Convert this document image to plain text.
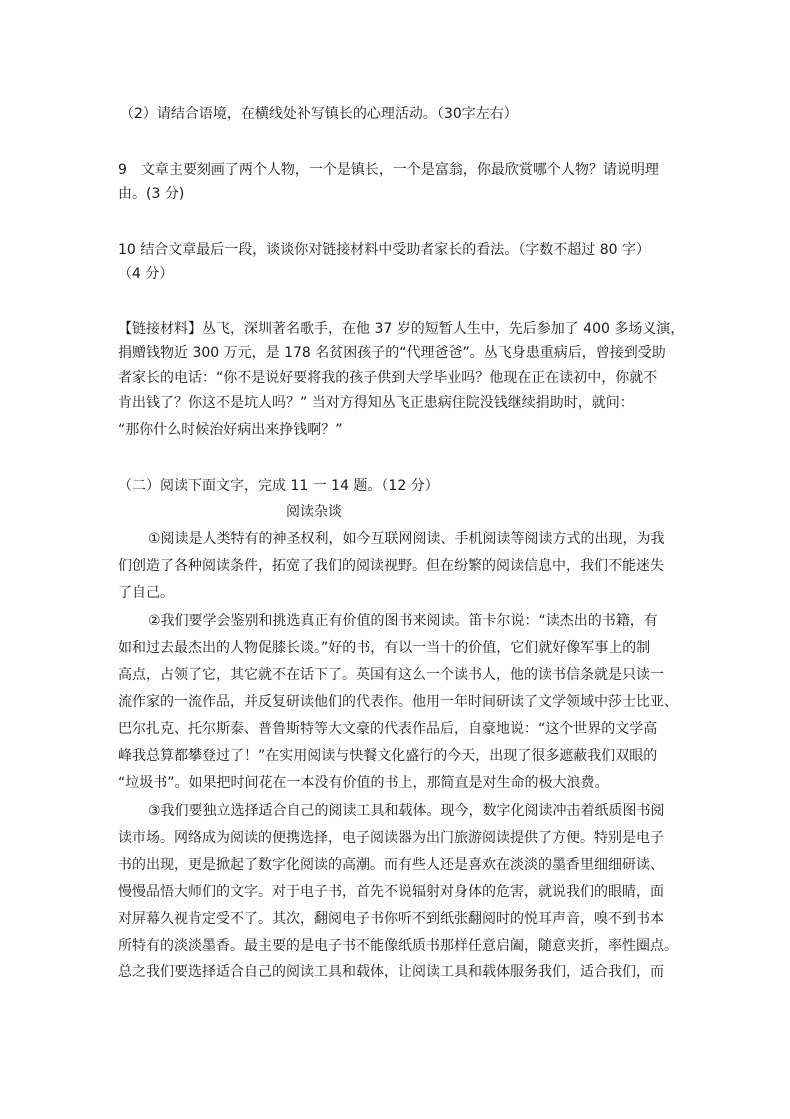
（2）请结合语境，在横线处补写镇长的心理活动。（30字左右）
9　文章主要刻画了两个人物，一个是镇长，一个是富翁，你最欣赏哪个人物？请说明理
由。(3 分)
10 结合文章最后一段，谈谈你对链接材料中受助者家长的看法。（字数不超过 80 字）
（4 分）
【链接材料】丛飞，深圳著名歌手，在他 37 岁的短暂人生中，先后参加了 400 多场义演，
捐赠钱物近 300 万元，是 178 名贫困孩子的“代理爸爸”。丛飞身患重病后，曾接到受助
者家长的电话：“你不是说好要将我的孩子供到大学毕业吗？他现在正在读初中，你就不
肯出钱了？你这不是坑人吗？” 当对方得知丛飞正患病住院没钱继续捐助时，就问：
“那你什么时候治好病出来挣钱啊？”
（二）阅读下面文字，完成 11 一 14 题。（12 分）
阅读杂谈
①阅读是人类特有的神圣权利，如今互联网阅读、手机阅读等阅读方式的出现，为我
们创造了各种阅读条件，拓宽了我们的阅读视野。但在纷繁的阅读信息中，我们不能迷失
了自己。
②我们要学会鉴别和挑选真正有价值的图书来阅读。笛卡尔说：“读杰出的书籍，有
如和过去最杰出的人物促膝长谈。”好的书，有以一当十的价值，它们就好像军事上的制
高点，占领了它，其它就不在话下了。英国有这么一个读书人，他的读书信条就是只读一
流作家的一流作品，并反复研读他们的代表作。他用一年时间研读了文学领域中莎士比亚、
巴尔扎克、托尔斯泰、普鲁斯特等大文豪的代表作品后，自豪地说：“这个世界的文学高
峰我总算都攀登过了！”在实用阅读与快餐文化盛行的今天，出现了很多遮蔽我们双眼的
“垃圾书”。如果把时间花在一本没有价值的书上，那简直是对生命的极大浪费。
③我们要独立选择适合自己的阅读工具和载体。现今，数字化阅读冲击着纸质图书阅
读市场。网络成为阅读的便携选择，电子阅读器为出门旅游阅读提供了方便。特别是电子
书的出现，更是掀起了数字化阅读的高潮。而有些人还是喜欢在淡淡的墨香里细细研读、
慢慢品悟大师们的文字。对于电子书，首先不说辐射对身体的危害，就说我们的眼睛，面
对屏幕久视肯定受不了。其次，翻阅电子书你听不到纸张翻阅时的悦耳声音，嗅不到书本
所特有的淡淡墨香。最主要的是电子书不能像纸质书那样任意启阖，随意夹折，率性圈点。
总之我们要选择适合自己的阅读工具和载体，让阅读工具和载体服务我们，适合我们，而
